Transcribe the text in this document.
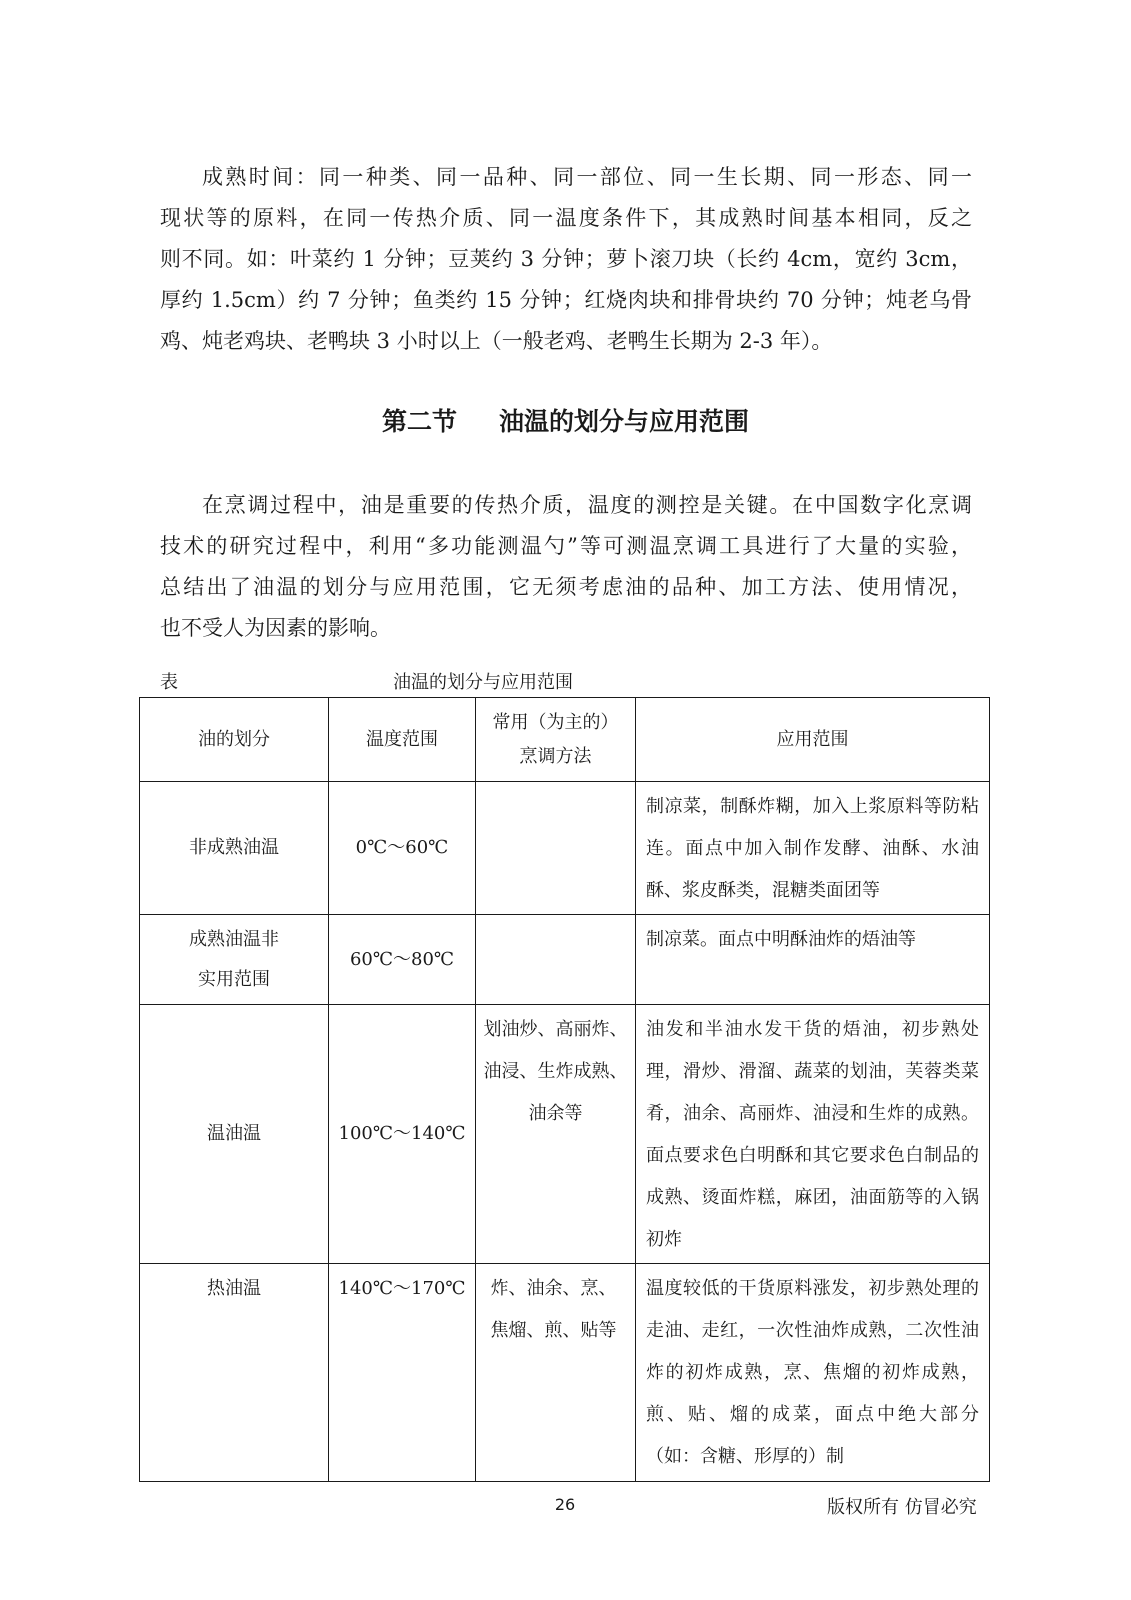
成熟时间：同一种类、同一品种、同一部位、同一生长期、同一形态、同一
现状等的原料，在同一传热介质、同一温度条件下，其成熟时间基本相同，反之
则不同。如：叶菜约 1 分钟；豆荚约 3 分钟；萝卜滚刀块（长约 4cm，宽约 3cm，
厚约 1.5cm）约 7 分钟；鱼类约 15 分钟；红烧肉块和排骨块约 70 分钟；炖老乌骨
鸡、炖老鸡块、老鸭块 3 小时以上（一般老鸡、老鸭生长期为 2-3 年）。
第二节 油温的划分与应用范围
在烹调过程中，油是重要的传热介质，温度的测控是关键。在中国数字化烹调
技术的研究过程中，利用“多功能测温勺”等可测温烹调工具进行了大量的实验，
总结出了油温的划分与应用范围，它无须考虑油的品种、加工方法、使用情况，
也不受人为因素的影响。
表	油温的划分与应用范围
油的划分	温度范围	常用（为主的）烹调方法	应用范围
非成熟油温	0℃～60℃		制凉菜，制酥炸糊，加入上浆原料等防粘连。面点中加入制作发酵、油酥、水油酥、浆皮酥类，混糖类面团等

成熟油温非实用范围	60℃～80℃		制凉菜。面点中明酥油炸的焐油等
温油温	100℃～140℃	划油炒、高丽炸、油浸、生炸成熟、油余等	油发和半油水发干货的焐油，初步熟处理，滑炒、滑溜、蔬菜的划油，芙蓉类菜肴，油余、高丽炸、油浸和生炸的成熟。面点要求色白明酥和其它要求色白制品的成熟、烫面炸糕，麻团，油面筋等的入锅初炸
热油温	140℃～170℃	炸、油余、烹、焦熘、煎、贴等	温度较低的干货原料涨发，初步熟处理的走油、走红，一次性油炸成熟，二次性油炸的初炸成熟，烹、焦熘的初炸成熟，煎、贴、熘的成菜，面点中绝大部分（如：含糖、形厚的）制
26	版权所有 仿冒必究
